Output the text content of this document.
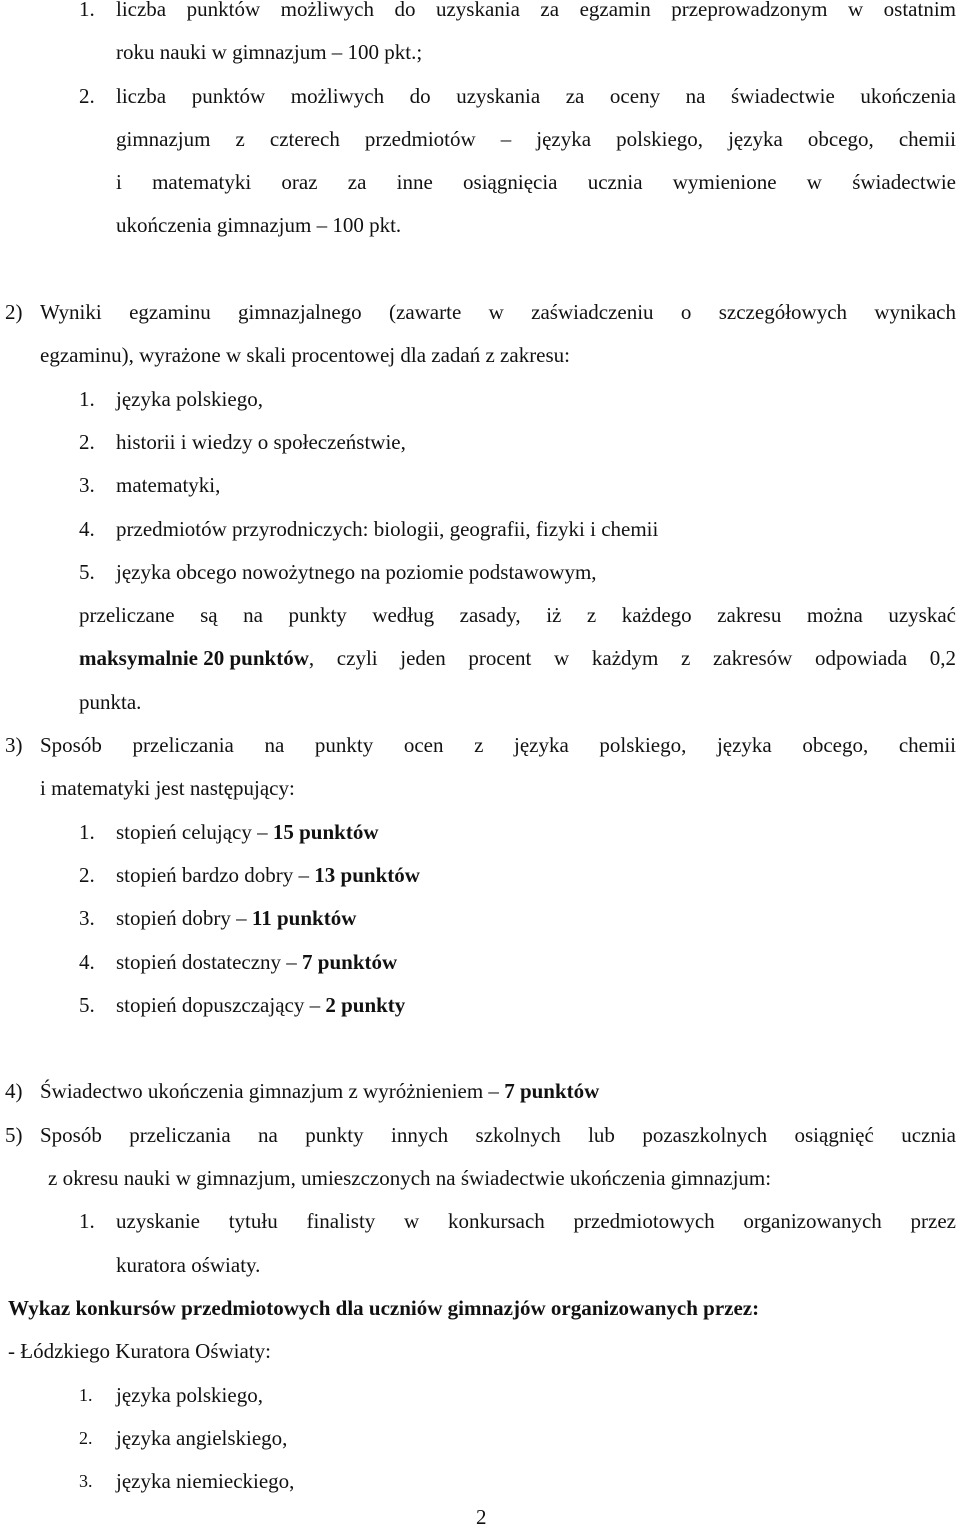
1. liczba punktów możliwych do uzyskania za egzamin przeprowadzonym w ostatnim
roku nauki w gimnazjum – 100 pkt.;
2. liczba punktów możliwych do uzyskania za oceny na świadectwie ukończenia
gimnazjum z czterech przedmiotów – języka polskiego, języka obcego, chemii
i matematyki oraz za inne osiągnięcia ucznia wymienione w świadectwie
ukończenia gimnazjum – 100 pkt.
2) Wyniki egzaminu gimnazjalnego (zawarte w zaświadczeniu o szczegółowych wynikach
egzaminu), wyrażone w skali procentowej dla zadań z zakresu:
1. języka polskiego,
2. historii i wiedzy o społeczeństwie,
3. matematyki,
4. przedmiotów przyrodniczych: biologii, geografii, fizyki i chemii
5. języka obcego nowożytnego na poziomie podstawowym,
przeliczane są na punkty według zasady, iż z każdego zakresu można uzyskać
maksymalnie 20 punktów , czyli jeden procent w każdym z zakresów odpowiada 0,2
punkta.
3) Sposób przeliczania na punkty ocen z języka polskiego, języka obcego, chemii
i matematyki jest następujący:
1. stopień celujący – 15 punktów
2. stopień bardzo dobry – 13 punktów
3. stopień dobry – 11 punktów
4. stopień dostateczny – 7 punktów
5. stopień dopuszczający – 2 punkty
4) Świadectwo ukończenia gimnazjum z wyróżnieniem – 7 punktów
5) Sposób przeliczania na punkty innych szkolnych lub pozaszkolnych osiągnięć ucznia
z okresu nauki w gimnazjum, umieszczonych na świadectwie ukończenia gimnazjum:
1. uzyskanie tytułu finalisty w konkursach przedmiotowych organizowanych przez
kuratora oświaty.
Wykaz konkursów przedmiotowych dla uczniów gimnazjów organizowanych przez:
- Łódzkiego Kuratora Oświaty:
1. języka polskiego,
2. języka angielskiego,
3. języka niemieckiego,
2
